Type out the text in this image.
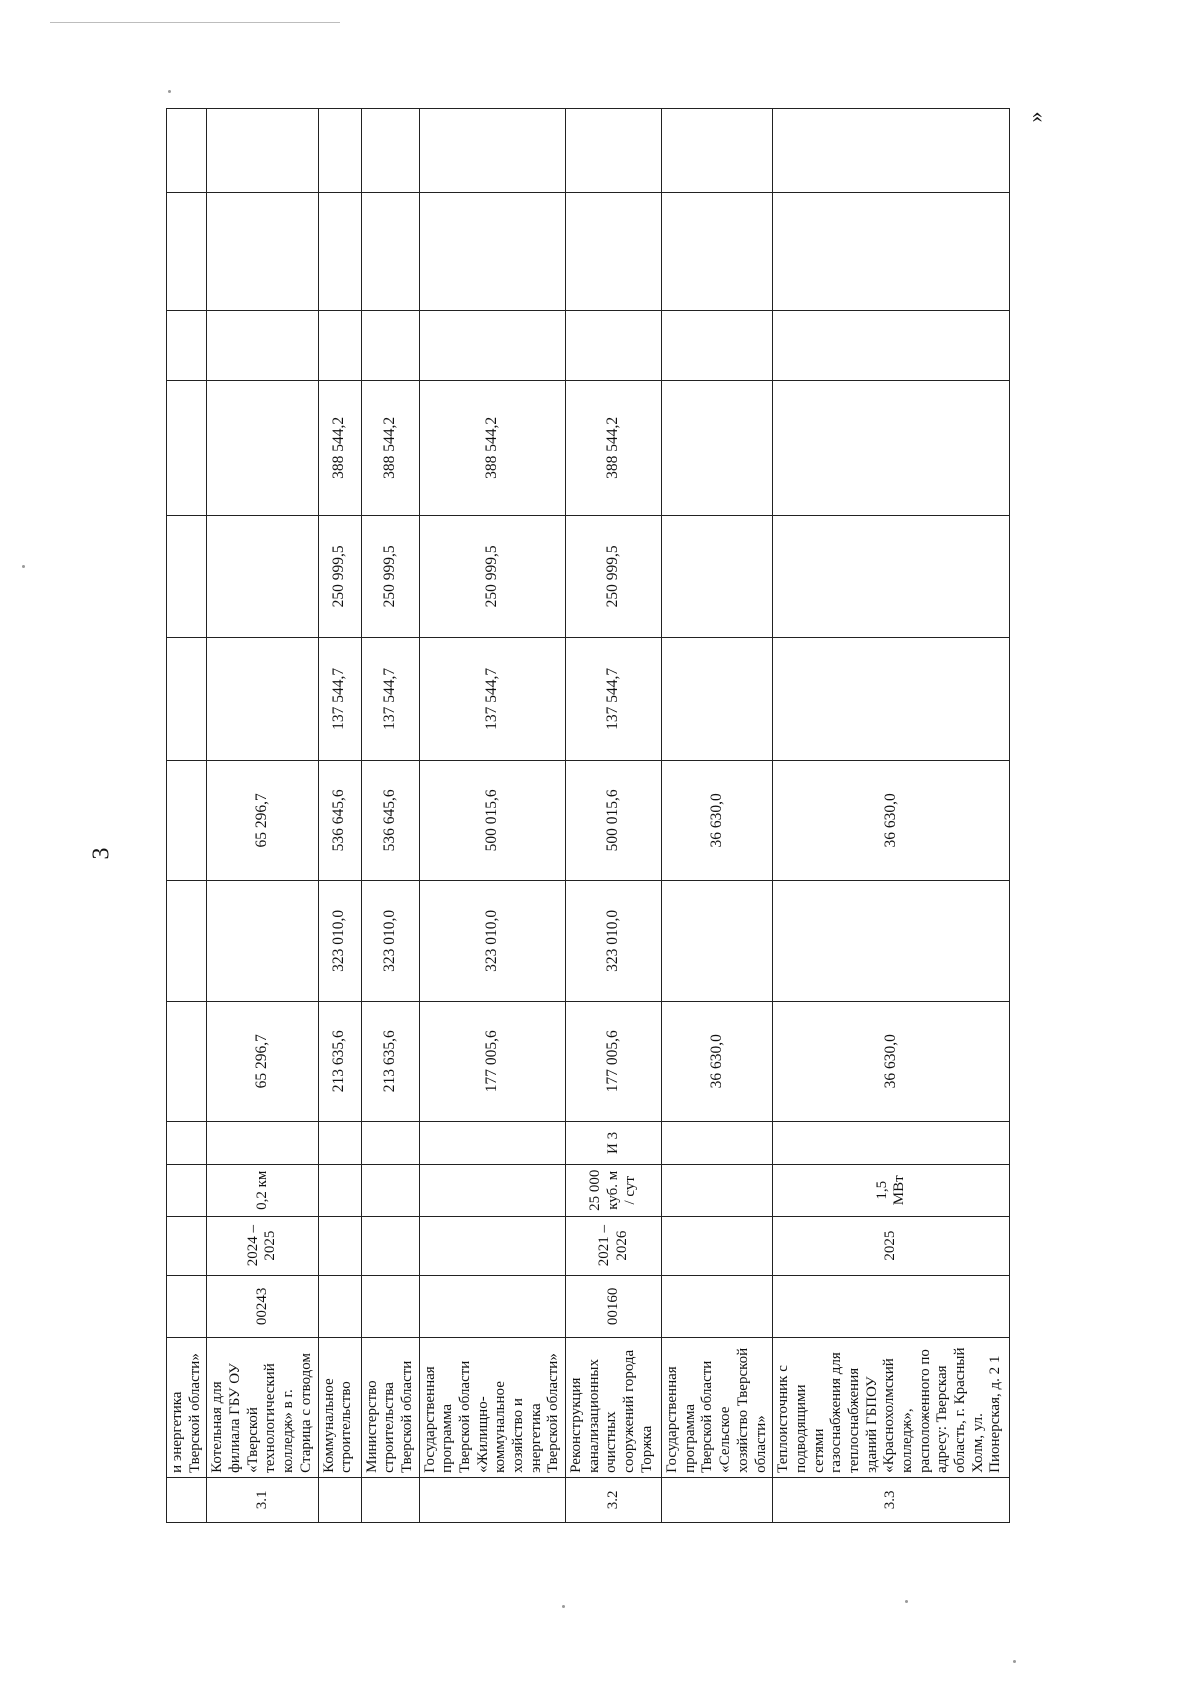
3
»
	и энергетика Тверской области»													
3.1	Котельная для филиала ГБУ ОУ «Тверской технологический колледж» в г. Старица с отводом	00243	2024 – 2025	0,2 км		65 296,7		65 296,7						
	Коммунальное строительство					213 635,6	323 010,0	536 645,6	137 544,7	250 999,5	388 544,2			
	Министерство строительства Тверской области					213 635,6	323 010,0	536 645,6	137 544,7	250 999,5	388 544,2			
	Государственная программа Тверской области «Жилищно-коммунальное хозяйство и энергетика Тверской области»					177 005,6	323 010,0	500 015,6	137 544,7	250 999,5	388 544,2			
3.2	Реконструкция канализационных очистных сооружений города Торжка	00160	2021 – 2026	25 000 куб. м / сут	И 3	177 005,6	323 010,0	500 015,6	137 544,7	250 999,5	388 544,2			
	Государственная программа Тверской области «Сельское хозяйство Тверской области»					36 630,0		36 630,0						
3.3	Теплоисточник с подводящими сетями газоснабжения для теплоснабжения зданий ГБПОУ «Краснохолмский колледж», расположенного по адресу: Тверская область, г. Красный Холм, ул. Пионерская, д. 2 1		2025	1,5 МВт		36 630,0		36 630,0						
